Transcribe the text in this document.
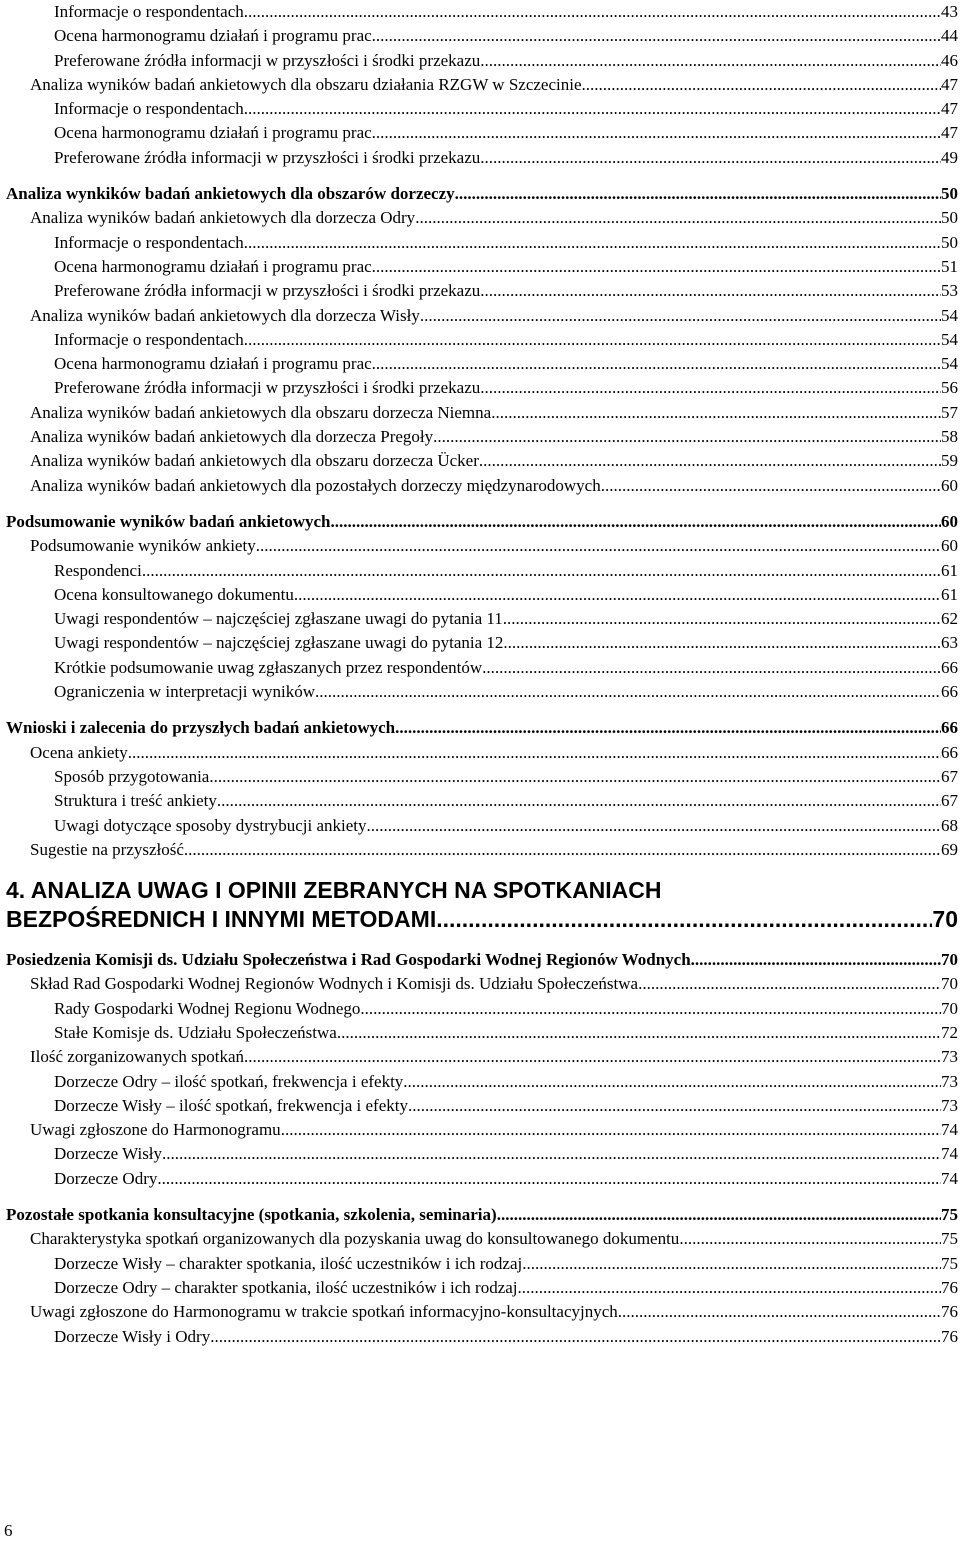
Informacje o respondentach .....	43
Ocena harmonogramu działań i programu prac .....	44
Preferowane źródła informacji w przyszłości i środki przekazu .....	46
Analiza wyników badań ankietowych dla obszaru działania RZGW w Szczecinie .....	47
Informacje o respondentach .....	47
Ocena harmonogramu działań i programu prac .....	47
Preferowane źródła informacji w przyszłości i środki przekazu .....	49
Analiza wynkików badań ankietowych dla obszarów dorzeczy .....	50
Analiza wyników badań ankietowych dla dorzecza Odry .....	50
Informacje o respondentach .....	50
Ocena harmonogramu działań i programu prac .....	51
Preferowane źródła informacji w przyszłości i środki przekazu .....	53
Analiza wyników badań ankietowych dla dorzecza Wisły .....	54
Informacje o respondentach .....	54
Ocena harmonogramu działań i programu prac .....	54
Preferowane źródła informacji w przyszłości i środki przekazu .....	56
Analiza wyników badań ankietowych dla obszaru dorzecza Niemna .....	57
Analiza wyników badań ankietowych dla dorzecza Pregoły .....	58
Analiza wyników badań ankietowych dla obszaru dorzecza Ücker .....	59
Analiza wyników badań ankietowych dla pozostałych dorzeczy międzynarodowych .....	60
Podsumowanie wyników badań ankietowych .....	60
Podsumowanie wyników ankiety .....	60
Respondenci .....	61
Ocena konsultowanego dokumentu .....	61
Uwagi respondentów – najczęściej zgłaszane uwagi do pytania 11 .....	62
Uwagi respondentów – najczęściej zgłaszane uwagi do pytania 12 .....	63
Krótkie podsumowanie uwag zgłaszanych przez respondentów .....	66
Ograniczenia w interpretacji wyników .....	66
Wnioski i zalecenia do przyszłych badań ankietowych .....	66
Ocena ankiety .....	66
Sposób przygotowania .....	67
Struktura i treść ankiety .....	67
Uwagi dotyczące sposoby dystrybucji ankiety .....	68
Sugestie na przyszłość .....	69
4. ANALIZA UWAG I OPINII ZEBRANYCH NA SPOTKANIACH
BEZPOŚREDNICH I INNYMI METODAMI .....	70
Posiedzenia Komisji ds. Udziału Społeczeństwa i Rad Gospodarki Wodnej Regionów Wodnych .....	70
Skład Rad Gospodarki Wodnej Regionów Wodnych i Komisji ds. Udziału Społeczeństwa .....	70
Rady Gospodarki Wodnej Regionu Wodnego .....	70
Stałe Komisje ds. Udziału Społeczeństwa .....	72
Ilość zorganizowanych spotkań .....	73
Dorzecze Odry – ilość spotkań, frekwencja i efekty .....	73
Dorzecze Wisły – ilość spotkań, frekwencja i efekty .....	73
Uwagi zgłoszone do Harmonogramu .....	74
Dorzecze Wisły .....	74
Dorzecze Odry .....	74
Pozostałe spotkania konsultacyjne (spotkania, szkolenia, seminaria) .....	75
Charakterystyka spotkań organizowanych dla pozyskania uwag do konsultowanego dokumentu .....	75
Dorzecze Wisły – charakter spotkania, ilość uczestników i ich rodzaj .....	75
Dorzecze Odry – charakter spotkania, ilość uczestników i ich rodzaj .....	76
Uwagi zgłoszone do Harmonogramu w trakcie spotkań informacyjno-konsultacyjnych .....	76
Dorzecze Wisły i Odry .....	76
6
